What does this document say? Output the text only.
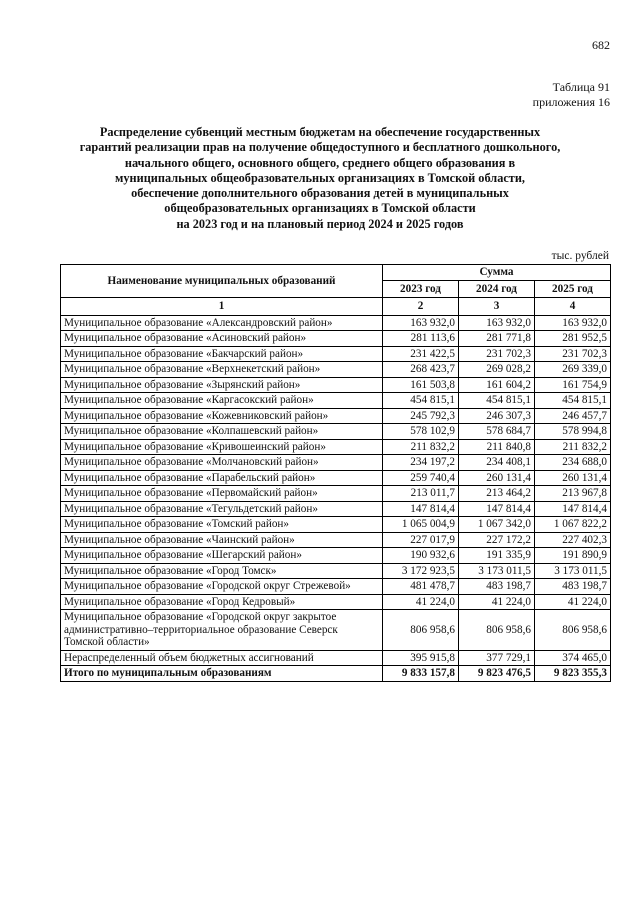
682
Таблица 91
приложения 16
Распределение субвенций местным бюджетам на обеспечение государственных
гарантий реализации прав на получение общедоступного и бесплатного дошкольного,
начального общего, основного общего, среднего общего образования в
муниципальных общеобразовательных организациях в Томской области,
обеспечение дополнительного образования детей в муниципальных
общеобразовательных организациях в Томской области
на 2023 год и на плановый период 2024 и 2025 годов
тыс. рублей
Наименование муниципальных образований	Сумма		
	2023 год	2024 год	2025 год
1	2	3	4
Муниципальное образование «Александровский район»	163 932,0	163 932,0	163 932,0
Муниципальное образование «Асиновский район»	281 113,6	281 771,8	281 952,5
Муниципальное образование «Бакчарский район»	231 422,5	231 702,3	231 702,3
Муниципальное образование «Верхнекетский район»	268 423,7	269 028,2	269 339,0
Муниципальное образование «Зырянский район»	161 503,8	161 604,2	161 754,9
Муниципальное образование «Каргасокский район»	454 815,1	454 815,1	454 815,1
Муниципальное образование «Кожевниковский район»	245 792,3	246 307,3	246 457,7
Муниципальное образование «Колпашевский район»	578 102,9	578 684,7	578 994,8
Муниципальное образование «Кривошеинский район»	211 832,2	211 840,8	211 832,2
Муниципальное образование «Молчановский район»	234 197,2	234 408,1	234 688,0
Муниципальное образование «Парабельский район»	259 740,4	260 131,4	260 131,4
Муниципальное образование «Первомайский район»	213 011,7	213 464,2	213 967,8
Муниципальное образование «Тегульдетский район»	147 814,4	147 814,4	147 814,4
Муниципальное образование «Томский район»	1 065 004,9	1 067 342,0	1 067 822,2
Муниципальное образование «Чаинский район»	227 017,9	227 172,2	227 402,3
Муниципальное образование «Шегарский район»	190 932,6	191 335,9	191 890,9
Муниципальное образование «Город Томск»	3 172 923,5	3 173 011,5	3 173 011,5
Муниципальное образование «Городской округ Стрежевой»	481 478,7	483 198,7	483 198,7
Муниципальное образование «Город Кедровый»	41 224,0	41 224,0	41 224,0
Муниципальное образование «Городской округ закрытое административно–территориальное образование Северск Томской области»	806 958,6	806 958,6	806 958,6
Нераспределенный объем бюджетных ассигнований	395 915,8	377 729,1	374 465,0
Итого по муниципальным образованиям	9 833 157,8	9 823 476,5	9 823 355,3
